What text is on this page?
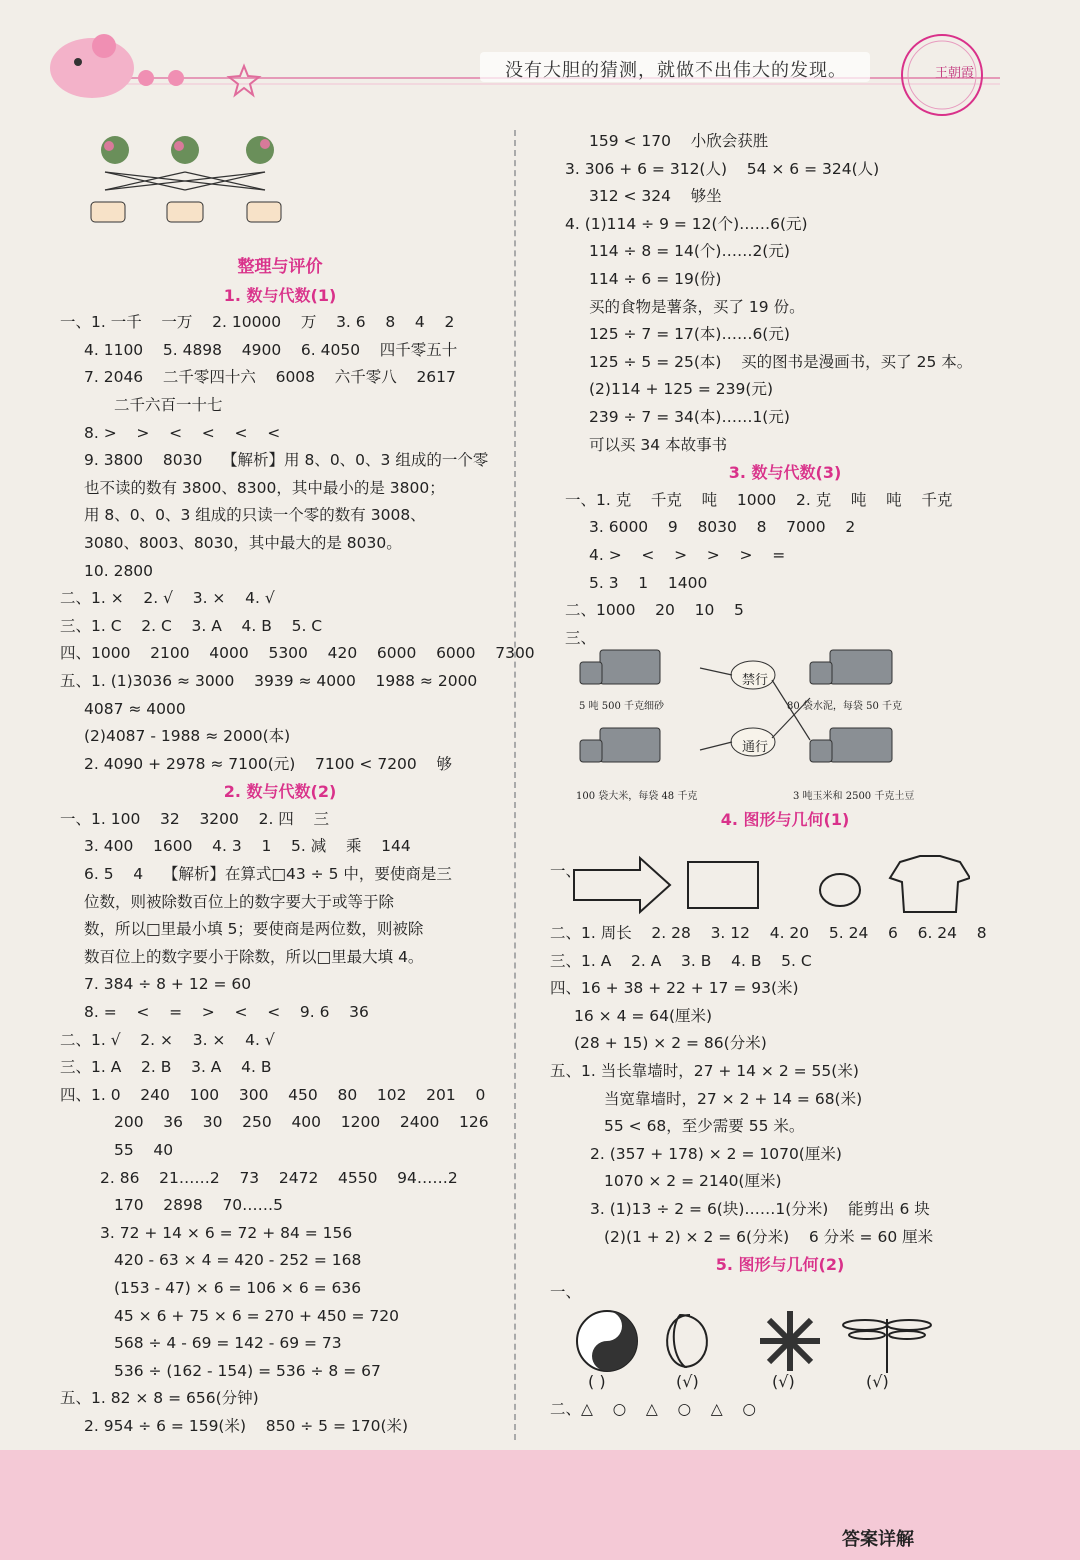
没有大胆的猜测，就做不出伟大的发现。	王朝霞
整理与评价
1. 数与代数(1)
一、1. 一千    一万    2. 10000    万    3. 6    8    4    2
4. 1100    5. 4898    4900    6. 4050    四千零五十
7. 2046    二千零四十六    6008    六千零八    2617
二千六百一十七
8. >    >    <    <    <    <
9. 3800    8030    【解析】用 8、0、0、3 组成的一个零
也不读的数有 3800、8300，其中最小的是 3800；
用 8、0、0、3 组成的只读一个零的数有 3008、
3080、8003、8030，其中最大的是 8030。
10. 2800
二、1. ×    2. √    3. ×    4. √
三、1. C    2. C    3. A    4. B    5. C
四、1000    2100    4000    5300    420    6000    6000    7300
五、1. (1)3036 ≈ 3000    3939 ≈ 4000    1988 ≈ 2000
4087 ≈ 4000
(2)4087 - 1988 ≈ 2000(本)
2. 4090 + 2978 ≈ 7100(元)    7100 < 7200    够
2. 数与代数(2)
一、1. 100    32    3200    2. 四    三
3. 400    1600    4. 3    1    5. 减    乘    144
6. 5    4    【解析】在算式□43 ÷ 5 中，要使商是三
位数，则被除数百位上的数字要大于或等于除
数，所以□里最小填 5；要使商是两位数，则被除
数百位上的数字要小于除数，所以□里最大填 4。
7. 384 ÷ 8 + 12 = 60
8. =    <    =    >    <    <    9. 6    36
二、1. √    2. ×    3. ×    4. √
三、1. A    2. B    3. A    4. B
四、1. 0    240    100    300    450    80    102    201    0
200    36    30    250    400    1200    2400    126
55    40
2. 86    21……2    73    2472    4550    94……2
170    2898    70……5
3. 72 + 14 × 6 = 72 + 84 = 156
420 - 63 × 4 = 420 - 252 = 168
(153 - 47) × 6 = 106 × 6 = 636
45 × 6 + 75 × 6 = 270 + 450 = 720
568 ÷ 4 - 69 = 142 - 69 = 73
536 ÷ (162 - 154) = 536 ÷ 8 = 67
五、1. 82 × 8 = 656(分钟)
2. 954 ÷ 6 = 159(米)    850 ÷ 5 = 170(米)
159 < 170    小欣会获胜
3. 306 + 6 = 312(人)    54 × 6 = 324(人)
312 < 324    够坐
4. (1)114 ÷ 9 = 12(个)……6(元)
114 ÷ 8 = 14(个)……2(元)
114 ÷ 6 = 19(份)
买的食物是薯条，买了 19 份。
125 ÷ 7 = 17(本)……6(元)
125 ÷ 5 = 25(本)    买的图书是漫画书，买了 25 本。
(2)114 + 125 = 239(元)
239 ÷ 7 = 34(本)……1(元)
可以买 34 本故事书
3. 数与代数(3)
一、1. 克    千克    吨    1000    2. 克    吨    吨    千克
3. 6000    9    8030    8    7000    2
4. >    <    >    >    >    =
5. 3    1    1400
二、1000    20    10    5
三、
4. 图形与几何(1)
一、
二、1. 周长    2. 28    3. 12    4. 20    5. 24    6    6. 24    8
三、1. A    2. A    3. B    4. B    5. C
四、16 + 38 + 22 + 17 = 93(米)
16 × 4 = 64(厘米)
(28 + 15) × 2 = 86(分米)
五、1. 当长靠墙时，27 + 14 × 2 = 55(米)
当宽靠墙时，27 × 2 + 14 = 68(米)
55 < 68，至少需要 55 米。
2. (357 + 178) × 2 = 1070(厘米)
1070 × 2 = 2140(厘米)
3. (1)13 ÷ 2 = 6(块)……1(分米)    能剪出 6 块
(2)(1 + 2) × 2 = 6(分米)    6 分米 = 60 厘米
5. 图形与几何(2)
一、
二、△    ○    △    ○    △    ○
5 吨 500 千克细砂	80 袋水泥，每袋 50 千克
100 袋大米，每袋 48 千克	3 吨玉米和 2500 千克土豆
禁行
通行
( )	(√)	(√)	(√)
答案详解
